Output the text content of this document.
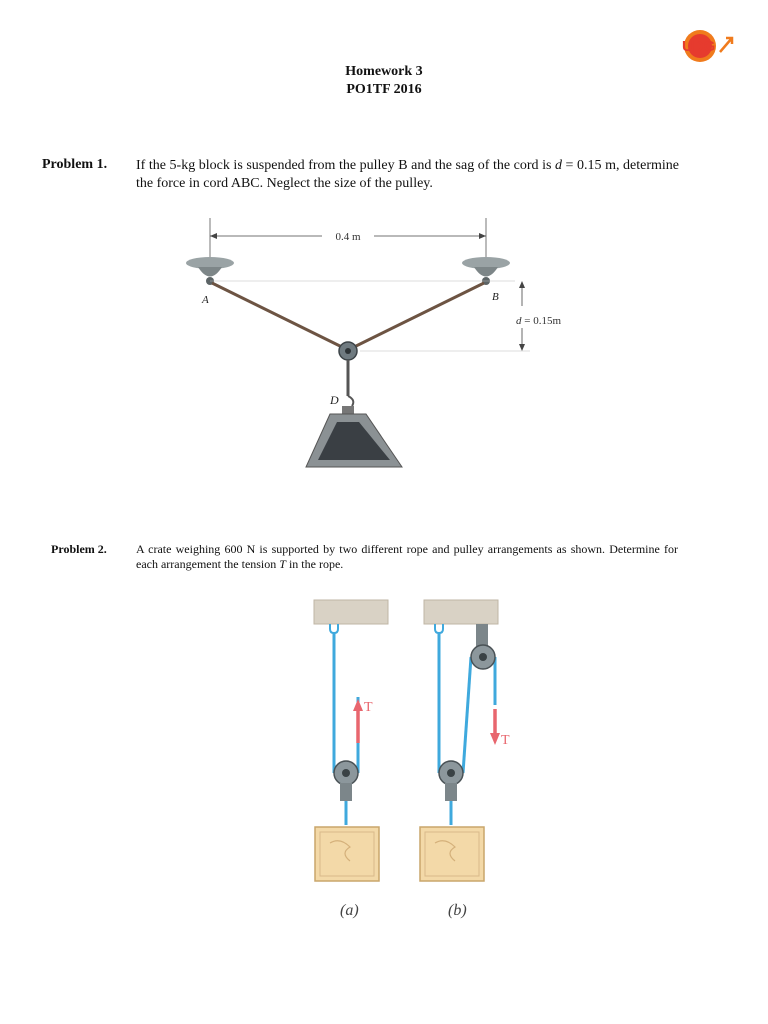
UDG
Homework 3
PO1TF 2016
Problem 1. If the 5-kg block is suspended from the pulley B and the sag of the cord is d = 0.15 m, determine the force in cord ABC. Neglect the size of the pulley.
0.4 m
d = 0.15m
A	B
D
Problem 2. A crate weighing 600 N is supported by two different rope and pulley arrangements as shown. Determine for each arrangement the tension T in the rope.
T
(a)
T
(b)
